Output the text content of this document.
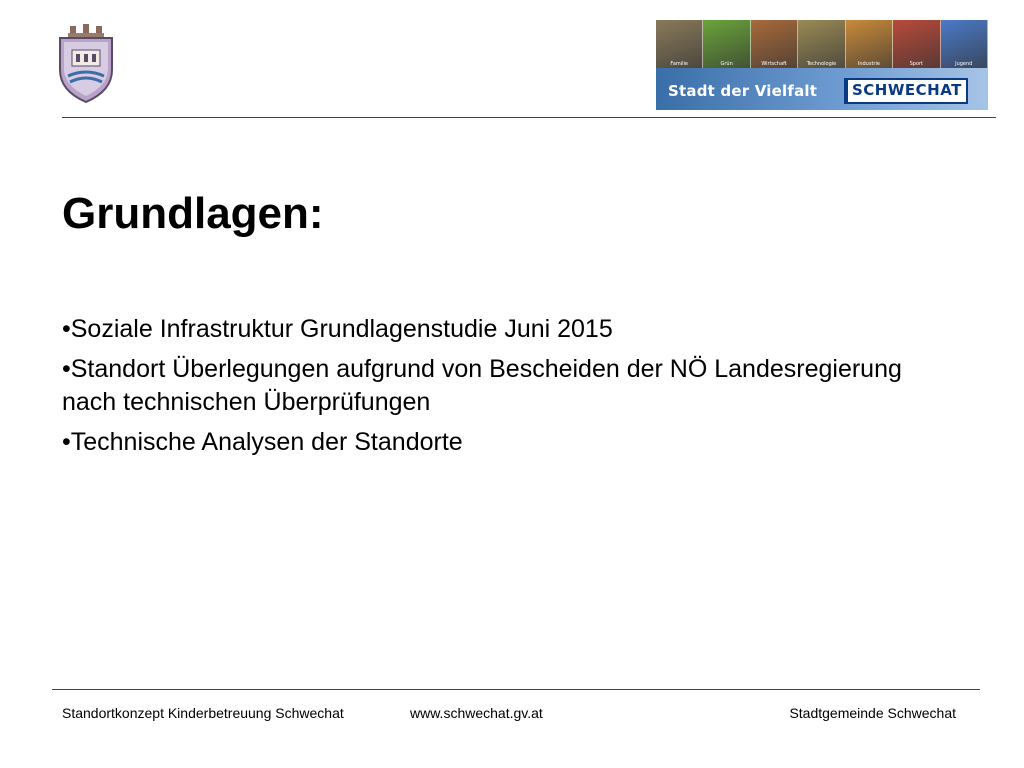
Familie	Grün	Wirtschaft	Technologie	Industrie	Sport	Jugend
Stadt der Vielfalt	SCHWECHAT
Grundlagen:
•Soziale Infrastruktur Grundlagenstudie Juni 2015
•Standort Überlegungen aufgrund von Bescheiden der NÖ Landesregierung nach technischen Überprüfungen
•Technische Analysen der Standorte
Standortkonzept Kinderbetreuung Schwechat	www.schwechat.gv.at	Stadtgemeinde Schwechat
